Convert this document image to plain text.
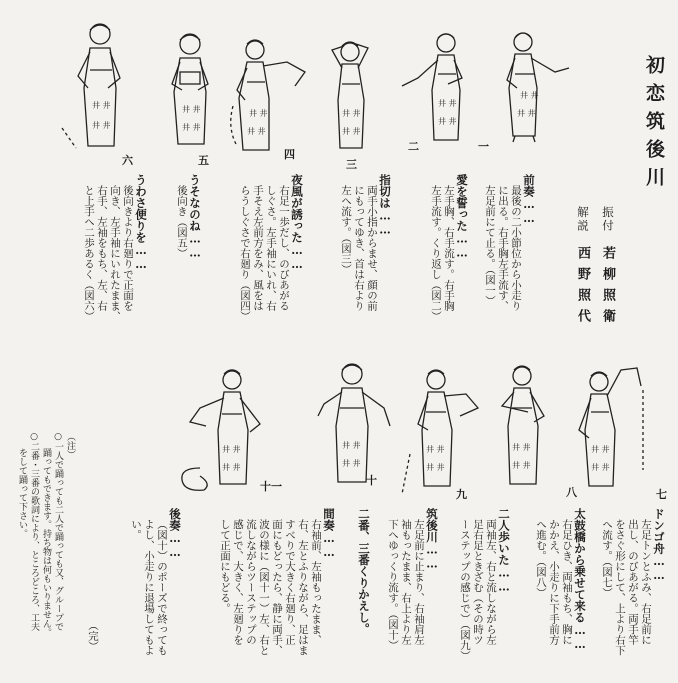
初恋筑後川
振付
若柳照衛
解説
西野照代
井 井
井 井
井 井
井 井
井 井
井 井
井 井
井 井
井 井
井 井
井 井
井 井
一
二
三
四
五
六
前奏……
最後の二小節位から小走り
に出る。右手胸左手流す、
左足前にて止る。（図一）
愛を誓った……
左手胸、右手流す。右手胸
左手流す。くり返し（図二）
指切は……
両手小指からませ、顔の前
にもってゆき、首は右より
左へ流す。（図三）
夜風が誘った……
右足一歩だし、のびあがる
しぐさ。左手袖にいれ、右
手そえ左前方をみ、風をは
らうしぐさで右廻り（図四）
うそなのね……
後向き（図五）
うわさ便りを……
後向きより右廻りで正面を
向き、左手袖にいれたまま、
右手、左袖をもち、左、右
と上手へ二歩あるく（図六）
井 井
井 井
井 井
井 井
井 井
井 井
井 井
井 井
井 井
井 井
七
八
九
十
十一
ドンゴ舟……
左足トンとふみ、右足前に
出し、のびあがる。両手竿
をさぐ形にして、上より右下
へ流す。（図七）
太鼓橋から乗せて来る……
右足ひき、両袖もち、胸に
かかえ、小走りに下手前方
へ進む。（図八）
二人歩いた……
両袖左、右と流しながら左
足右足ときざむ（その時ツ
ーステップの感じで）（図九）
筑後川……
左足前に止まり、右袖肩左
袖もったまま、右上より左
下へゆっくり流す。（図十）
二番、三番くりかえし。
間奏……
右袖前、左袖もったまま、
右、左とふりながら、足はま
すべりで大きく右廻り、正
面にもどったら、静に両手、
波の様に（図十一）左、右と
流しながらツーステップの
感じで、大きく、左廻りを
して正面にもどる。
後奏……
（図十）のポーズで終っても
よし、小走りに退場してもよ
い。
（完）
（注）
○一人で踊っても二人で踊っても又、グループで
踊ってもできます。持ち物は何もいりません。
○二番・三番の歌詞により、ところどころ、工夫
をして踊って下さい。
